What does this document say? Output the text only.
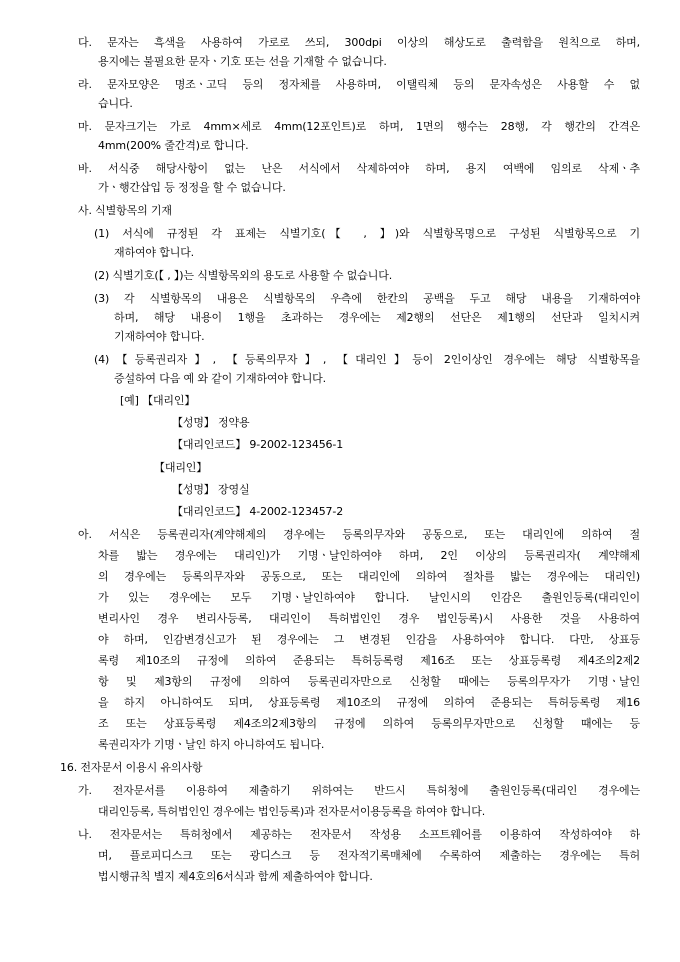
다. 문자는 흑색을 사용하여 가로로 쓰되, 300dpi 이상의 해상도로 출력함을 원칙으로 하며,
용지에는 불필요한 문자ㆍ기호 또는 선을 기재할 수 없습니다.
라. 문자모양은 명조ㆍ고딕 등의 정자체를 사용하며, 이탤릭체 등의 문자속성은 사용할 수 없
습니다.
마. 문자크기는 가로 4mm×세로 4mm(12포인트)로 하며, 1면의 행수는 28행, 각 행간의 간격은
4mm(200% 줄간격)로 합니다.
바. 서식중 해당사항이 없는 난은 서식에서 삭제하여야 하며, 용지 여백에 임의로 삭제ㆍ추
가ㆍ행간삽입 등 정정을 할 수 없습니다.
사. 식별항목의 기재
(1) 서식에 규정된 각 표제는 식별기호(【 , 】)와 식별항목명으로 구성된 식별항목으로 기
재하여야 합니다.
(2) 식별기호(【 , 】)는 식별항목외의 용도로 사용할 수 없습니다.
(3) 각 식별항목의 내용은 식별항목의 우측에 한칸의 공백을 두고 해당 내용을 기재하여야
하며, 해당 내용이 1행을 초과하는 경우에는 제2행의 선단은 제1행의 선단과 일치시켜
기재하여야 합니다.
(4)【등록권리자】, 【등록의무자】, 【대리인】등이 2인이상인 경우에는 해당 식별항목을
증설하여 다음 예 와 같이 기재하여야 합니다.
[예] 【대리인】
【성명】 정약용
【대리인코드】 9-2002-123456-1
【대리인】
【성명】 장영실
【대리인코드】 4-2002-123457-2
아. 서식은 등록권리자(계약해제의 경우에는 등록의무자와 공동으로, 또는 대리인에 의하여 절
차를 밟는 경우에는 대리인)가 기명ㆍ날인하여야 하며, 2인 이상의 등록권리자( 계약해제
의 경우에는 등록의무자와 공동으로, 또는 대리인에 의하여 절차를 밟는 경우에는 대리인)
가 있는 경우에는 모두 기명ㆍ날인하여야 합니다. 날인시의 인감은 출원인등록(대리인이
변리사인 경우 변리사등록, 대리인이 특허법인인 경우 법인등록)시 사용한 것을 사용하여
야 하며, 인감변경신고가 된 경우에는 그 변경된 인감을 사용하여야 합니다. 다만, 상표등
록령 제10조의 규정에 의하여 준용되는 특허등록령 제16조 또는 상표등록령 제4조의2제2
항 및 제3항의 규정에 의하여 등록권리자만으로 신청할 때에는 등록의무자가 기명ㆍ날인
을 하지 아니하여도 되며, 상표등록령 제10조의 규정에 의하여 준용되는 특허등록령 제16
조 또는 상표등록령 제4조의2제3항의 규정에 의하여 등록의무자만으로 신청할 때에는 등
록권리자가 기명ㆍ날인 하지 아니하여도 됩니다.
16. 전자문서 이용시 유의사항
가. 전자문서를 이용하여 제출하기 위하여는 반드시 특허청에 출원인등록(대리인 경우에는
대리인등록, 특허법인인 경우에는 법인등록)과 전자문서이용등록을 하여야 합니다.
나. 전자문서는 특허청에서 제공하는 전자문서 작성용 소프트웨어를 이용하여 작성하여야 하
며, 플로피디스크 또는 광디스크 등 전자적기록매체에 수록하여 제출하는 경우에는 특허
법시행규칙 별지 제4호의6서식과 함께 제출하여야 합니다.
